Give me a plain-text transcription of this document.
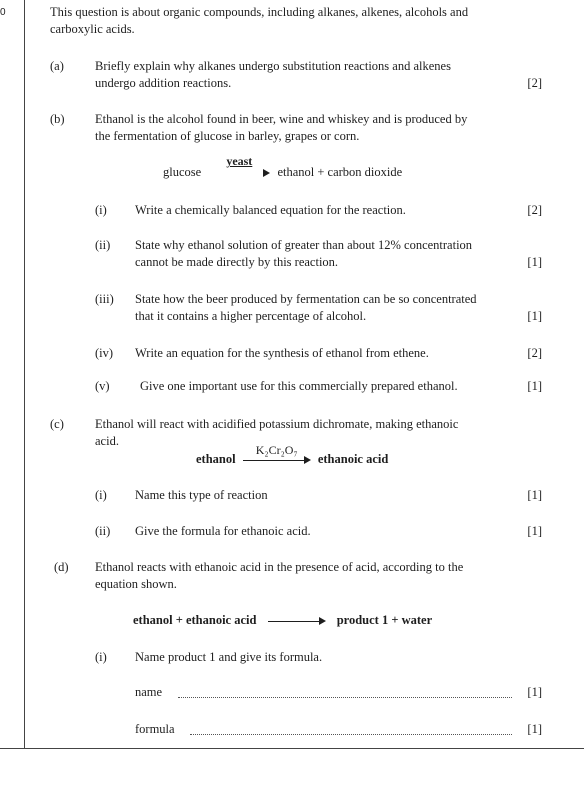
0	This question is about organic compounds, including alkanes, alkenes, alcohols and
carboxylic acids.
(a) Briefly explain why alkanes undergo substitution reactions and alkenes
undergo addition reactions.	[2]
(b) Ethanol is the alcohol found in beer, wine and whiskey and is produced by
the fermentation of glucose in barley, grapes or corn.
glucose
yeast
ethanol + carbon dioxide
(i) Write a chemically balanced equation for the reaction.	[2]
(ii) State why ethanol solution of greater than about 12% concentration
cannot be made directly by this reaction.	[1]
(iii) State how the beer produced by fermentation can be so concentrated
that it contains a higher percentage of alcohol.	[1]
(iv) Write an equation for the synthesis of ethanol from ethene.	[2]
(v) Give one important use for this commercially prepared ethanol.	[1]
(c) Ethanol will react with acidified potassium dichromate, making ethanoic
acid.
ethanol
K₂Cr₂O₇
ethanoic acid
(i) Name this type of reaction	[1]
(ii) Give the formula for ethanoic acid.	[1]
(d) Ethanol reacts with ethanoic acid in the presence of acid, according to the
equation shown.
ethanol + ethanoic acid	product 1 + water
(i) Name product 1 and give its formula.
name	[1]
formula	[1]
